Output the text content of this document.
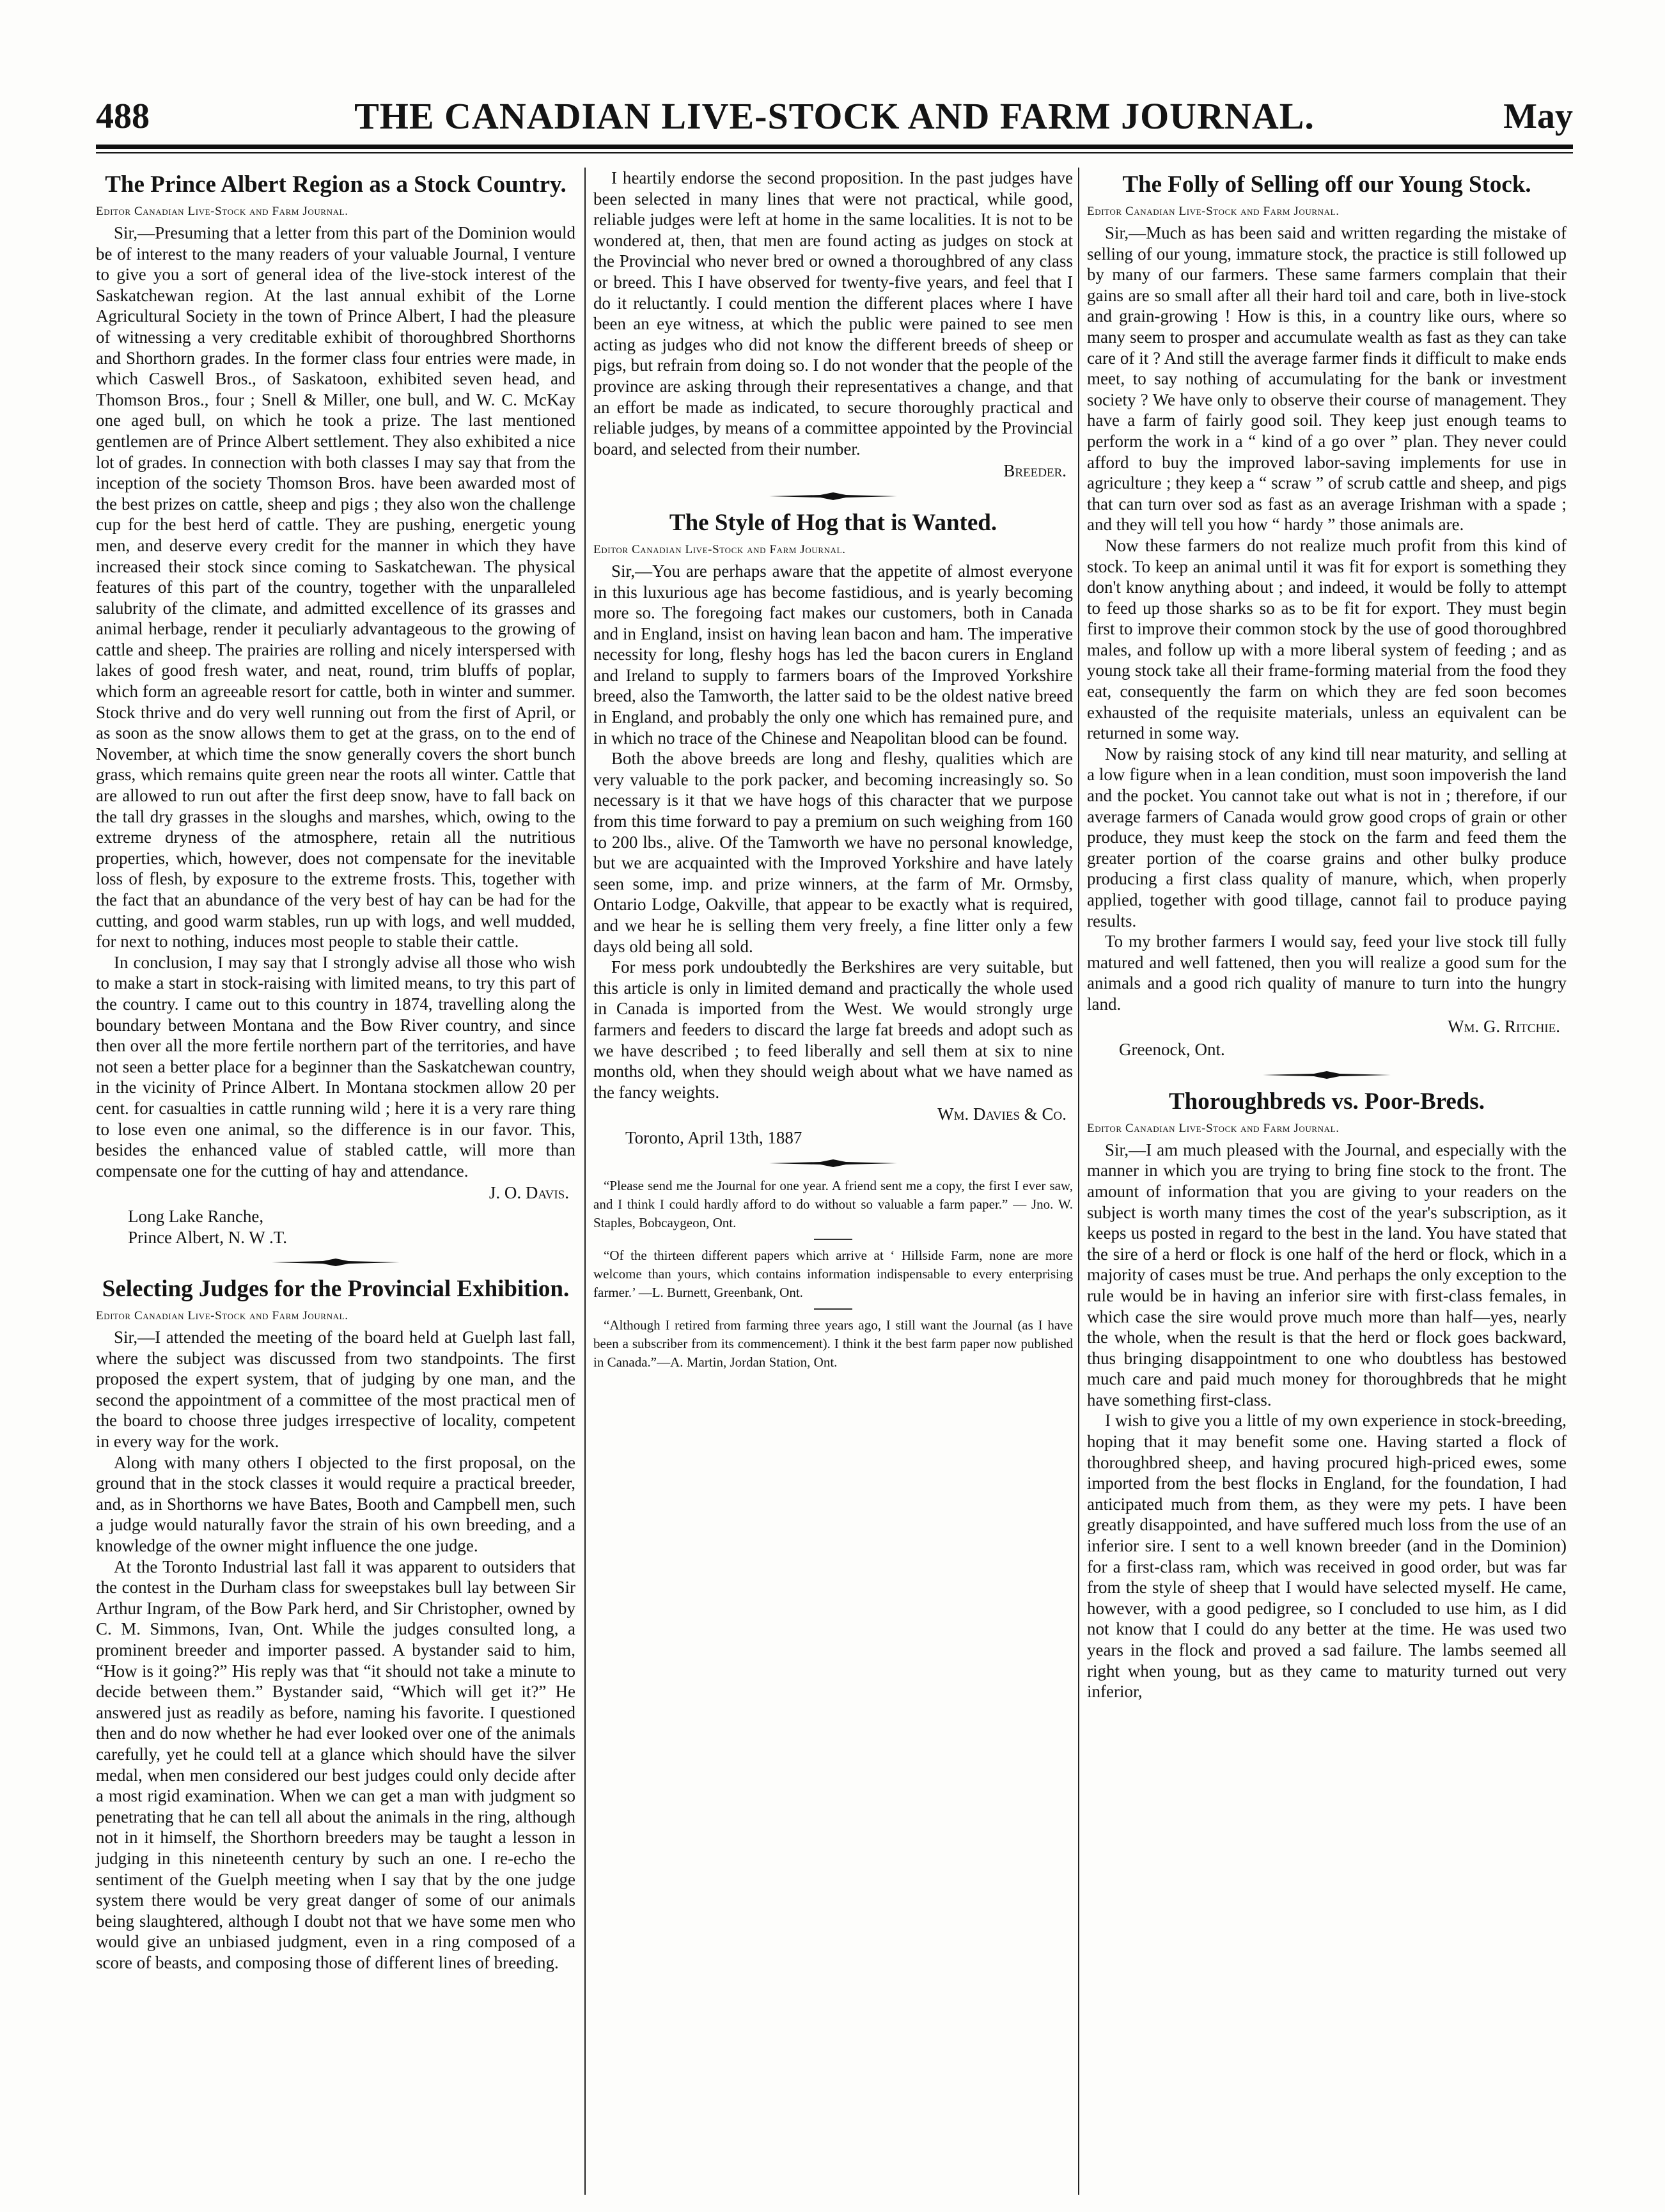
488	THE CANADIAN LIVE-STOCK AND FARM JOURNAL.	May
The Prince Albert Region as a Stock Country.
Editor Canadian Live-Stock and Farm Journal.

Sir,—Presuming that a letter from this part of the Dominion would be of interest to the many readers of your valuable Journal, I venture to give you a sort of general idea of the live-stock interest of the Saskatchewan region. At the last annual exhibit of the Lorne Agricultural Society in the town of Prince Albert, I had the pleasure of witnessing a very creditable exhibit of thoroughbred Shorthorns and Shorthorn grades. In the former class four entries were made, in which Caswell Bros., of Saskatoon, exhibited seven head, and Thomson Bros., four ; Snell & Miller, one bull, and W. C. McKay one aged bull, on which he took a prize. The last mentioned gentlemen are of Prince Albert settlement. They also exhibited a nice lot of grades. In connection with both classes I may say that from the inception of the society Thomson Bros. have been awarded most of the best prizes on cattle, sheep and pigs ; they also won the challenge cup for the best herd of cattle. They are pushing, energetic young men, and deserve every credit for the manner in which they have increased their stock since coming to Saskatchewan. The physical features of this part of the country, together with the unparalleled salubrity of the climate, and admitted excellence of its grasses and animal herbage, render it peculiarly advantageous to the growing of cattle and sheep. The prairies are rolling and nicely interspersed with lakes of good fresh water, and neat, round, trim bluffs of poplar, which form an agreeable resort for cattle, both in winter and summer. Stock thrive and do very well running out from the first of April, or as soon as the snow allows them to get at the grass, on to the end of November, at which time the snow generally covers the short bunch grass, which remains quite green near the roots all winter. Cattle that are allowed to run out after the first deep snow, have to fall back on the tall dry grasses in the sloughs and marshes, which, owing to the extreme dryness of the atmosphere, retain all the nutritious properties, which, however, does not compensate for the inevitable loss of flesh, by exposure to the extreme frosts. This, together with the fact that an abundance of the very best of hay can be had for the cutting, and good warm stables, run up with logs, and well mudded, for next to nothing, induces most people to stable their cattle.

In conclusion, I may say that I strongly advise all those who wish to make a start in stock-raising with limited means, to try this part of the country. I came out to this country in 1874, travelling along the boundary between Montana and the Bow River country, and since then over all the more fertile northern part of the territories, and have not seen a better place for a beginner than the Saskatchewan country, in the vicinity of Prince Albert. In Montana stockmen allow 20 per cent. for casualties in cattle running wild ; here it is a very rare thing to lose even one animal, so the difference is in our favor. This, besides the enhanced value of stabled cattle, will more than compensate one for the cutting of hay and attendance.

J. O. Davis.

Long Lake Ranche,

Prince Albert, N. W .T.

Selecting Judges for the Provincial Exhibition.
Editor Canadian Live-Stock and Farm Journal.

Sir,—I attended the meeting of the board held at Guelph last fall, where the subject was discussed from two standpoints. The first proposed the expert system, that of judging by one man, and the second the appointment of a committee of the most practical men of the board to choose three judges irrespective of locality, competent in every way for the work.

Along with many others I objected to the first proposal, on the ground that in the stock classes it would require a practical breeder, and, as in Shorthorns we have Bates, Booth and Campbell men, such a judge would naturally favor the strain of his own breeding, and a knowledge of the owner might influence the one judge.

At the Toronto Industrial last fall it was apparent to outsiders that the contest in the Durham class for sweepstakes bull lay between Sir Arthur Ingram, of the Bow Park herd, and Sir Christopher, owned by C. M. Simmons, Ivan, Ont. While the judges consulted long, a prominent breeder and importer passed. A bystander said to him, “How is it going?” His reply was that “it should not take a minute to decide between them.” Bystander said, “Which will get it?” He answered just as readily as before, naming his favorite. I questioned then and do now whether he had ever looked over one of the animals carefully, yet he could tell at a glance which should have the silver medal, when men considered our best judges could only decide after a most rigid examination. When we can get a man with judgment so penetrating that he can tell all about the animals in the ring, although not in it himself, the Shorthorn breeders may be taught a lesson in judging in this nineteenth century by such an one. I re-echo the sentiment of the Guelph meeting when I say that by the one judge system there would be very great danger of some of our animals being slaughtered, although I doubt not that we have some men who would give an unbiased judgment, even in a ring composed of a score of beasts, and composing those of different lines of breeding.

I heartily endorse the second proposition. In the past judges have been selected in many lines that were not practical, while good, reliable judges were left at home in the same localities. It is not to be wondered at, then, that men are found acting as judges on stock at the Provincial who never bred or owned a thoroughbred of any class or breed. This I have observed for twenty-five years, and feel that I do it reluctantly. I could mention the different places where I have been an eye witness, at which the public were pained to see men acting as judges who did not know the different breeds of sheep or pigs, but refrain from doing so. I do not wonder that the people of the province are asking through their representatives a change, and that an effort be made as indicated, to secure thoroughly practical and reliable judges, by means of a committee appointed by the Provincial board, and selected from their number.

Breeder.
The Style of Hog that is Wanted.
Editor Canadian Live-Stock and Farm Journal.

Sir,—You are perhaps aware that the appetite of almost everyone in this luxurious age has become fastidious, and is yearly becoming more so. The foregoing fact makes our customers, both in Canada and in England, insist on having lean bacon and ham. The imperative necessity for long, fleshy hogs has led the bacon curers in England and Ireland to supply to farmers boars of the Improved Yorkshire breed, also the Tamworth, the latter said to be the oldest native breed in England, and probably the only one which has remained pure, and in which no trace of the Chinese and Neapolitan blood can be found.

Both the above breeds are long and fleshy, qualities which are very valuable to the pork packer, and becoming increasingly so. So necessary is it that we have hogs of this character that we purpose from this time forward to pay a premium on such weighing from 160 to 200 lbs., alive. Of the Tamworth we have no personal knowledge, but we are acquainted with the Improved Yorkshire and have lately seen some, imp. and prize winners, at the farm of Mr. Ormsby, Ontario Lodge, Oakville, that appear to be exactly what is required, and we hear he is selling them very freely, a fine litter only a few days old being all sold.

For mess pork undoubtedly the Berkshires are very suitable, but this article is only in limited demand and practically the whole used in Canada is imported from the West. We would strongly urge farmers and feeders to discard the large fat breeds and adopt such as we have described ; to feed liberally and sell them at six to nine months old, when they should weigh about what we have named as the fancy weights.

Wm. Davies & Co.

Toronto, April 13th, 1887

“Please send me the Journal for one year. A friend sent me a copy, the first I ever saw, and I think I could hardly afford to do without so valuable a farm paper.” — Jno. W. Staples, Bobcaygeon, Ont.

“Of the thirteen different papers which arrive at ‘ Hillside Farm, none are more welcome than yours, which contains information indispensable to every enterprising farmer.’ —L. Burnett, Greenbank, Ont.

“Although I retired from farming three years ago, I still want the Journal (as I have been a subscriber from its commencement). I think it the best farm paper now published in Canada.”—A. Martin, Jordan Station, Ont.

The Folly of Selling off our Young Stock.
Editor Canadian Live-Stock and Farm Journal.

Sir,—Much as has been said and written regarding the mistake of selling of our young, immature stock, the practice is still followed up by many of our farmers. These same farmers complain that their gains are so small after all their hard toil and care, both in live-stock and grain-growing ! How is this, in a country like ours, where so many seem to prosper and accumulate wealth as fast as they can take care of it ? And still the average farmer finds it difficult to make ends meet, to say nothing of accumulating for the bank or investment society ? We have only to observe their course of management. They have a farm of fairly good soil. They keep just enough teams to perform the work in a “ kind of a go over ” plan. They never could afford to buy the improved labor-saving implements for use in agriculture ; they keep a “ scraw ” of scrub cattle and sheep, and pigs that can turn over sod as fast as an average Irishman with a spade ; and they will tell you how “ hardy ” those animals are.

Now these farmers do not realize much profit from this kind of stock. To keep an animal until it was fit for export is something they don't know anything about ; and indeed, it would be folly to attempt to feed up those sharks so as to be fit for export. They must begin first to improve their common stock by the use of good thoroughbred males, and follow up with a more liberal system of feeding ; and as young stock take all their frame-forming material from the food they eat, consequently the farm on which they are fed soon becomes exhausted of the requisite materials, unless an equivalent can be returned in some way.

Now by raising stock of any kind till near maturity, and selling at a low figure when in a lean condition, must soon impoverish the land and the pocket. You cannot take out what is not in ; therefore, if our average farmers of Canada would grow good crops of grain or other produce, they must keep the stock on the farm and feed them the greater portion of the coarse grains and other bulky produce producing a first class quality of manure, which, when properly applied, together with good tillage, cannot fail to produce paying results.

To my brother farmers I would say, feed your live stock till fully matured and well fattened, then you will realize a good sum for the animals and a good rich quality of manure to turn into the hungry land.

Wm. G. Ritchie.

Greenock, Ont.

Thoroughbreds vs. Poor-Breds.
Editor Canadian Live-Stock and Farm Journal.

Sir,—I am much pleased with the Journal, and especially with the manner in which you are trying to bring fine stock to the front. The amount of information that you are giving to your readers on the subject is worth many times the cost of the year's subscription, as it keeps us posted in regard to the best in the land. You have stated that the sire of a herd or flock is one half of the herd or flock, which in a majority of cases must be true. And perhaps the only exception to the rule would be in having an inferior sire with first-class females, in which case the sire would prove much more than half—yes, nearly the whole, when the result is that the herd or flock goes backward, thus bringing disappointment to one who doubtless has bestowed much care and paid much money for thoroughbreds that he might have something first-class.

I wish to give you a little of my own experience in stock-breeding, hoping that it may benefit some one. Having started a flock of thoroughbred sheep, and having procured high-priced ewes, some imported from the best flocks in England, for the foundation, I had anticipated much from them, as they were my pets. I have been greatly disappointed, and have suffered much loss from the use of an inferior sire. I sent to a well known breeder (and in the Dominion) for a first-class ram, which was received in good order, but was far from the style of sheep that I would have selected myself. He came, however, with a good pedigree, so I concluded to use him, as I did not know that I could do any better at the time. He was used two years in the flock and proved a sad failure. The lambs seemed all right when young, but as they came to maturity turned out very inferior,
